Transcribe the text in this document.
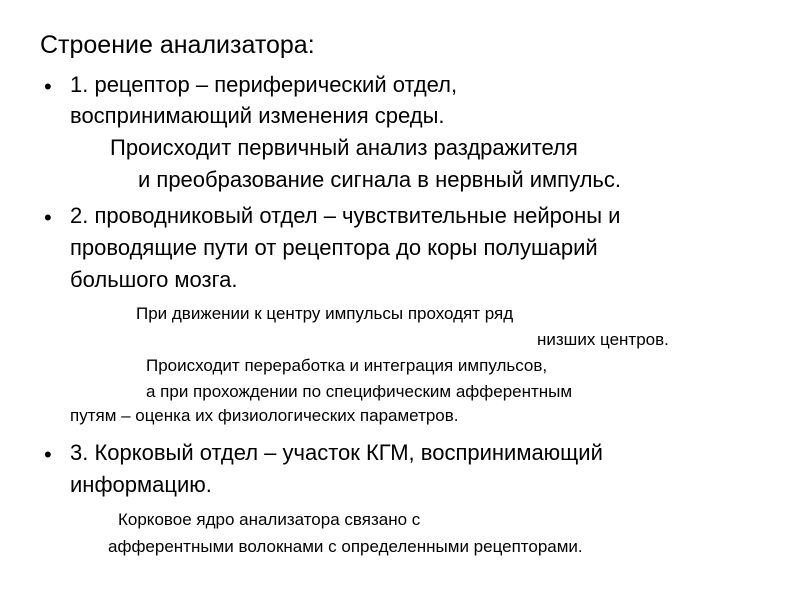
Строение анализатора:
• 1. рецептор – периферический отдел,
воспринимающий изменения среды.
Происходит первичный анализ раздражителя
и преобразование сигнала в нервный импульс.
• 2. проводниковый отдел – чувствительные нейроны и
проводящие пути от рецептора до коры полушарий
большого мозга.
При движении к центру импульсы проходят ряд
низших центров.
Происходит переработка и интеграция импульсов,
а при прохождении по специфическим афферентным
путям – оценка их физиологических параметров.
• 3. Корковый отдел – участок КГМ, воспринимающий
информацию.
Корковое ядро анализатора связано с
афферентными волокнами с определенными рецепторами.
